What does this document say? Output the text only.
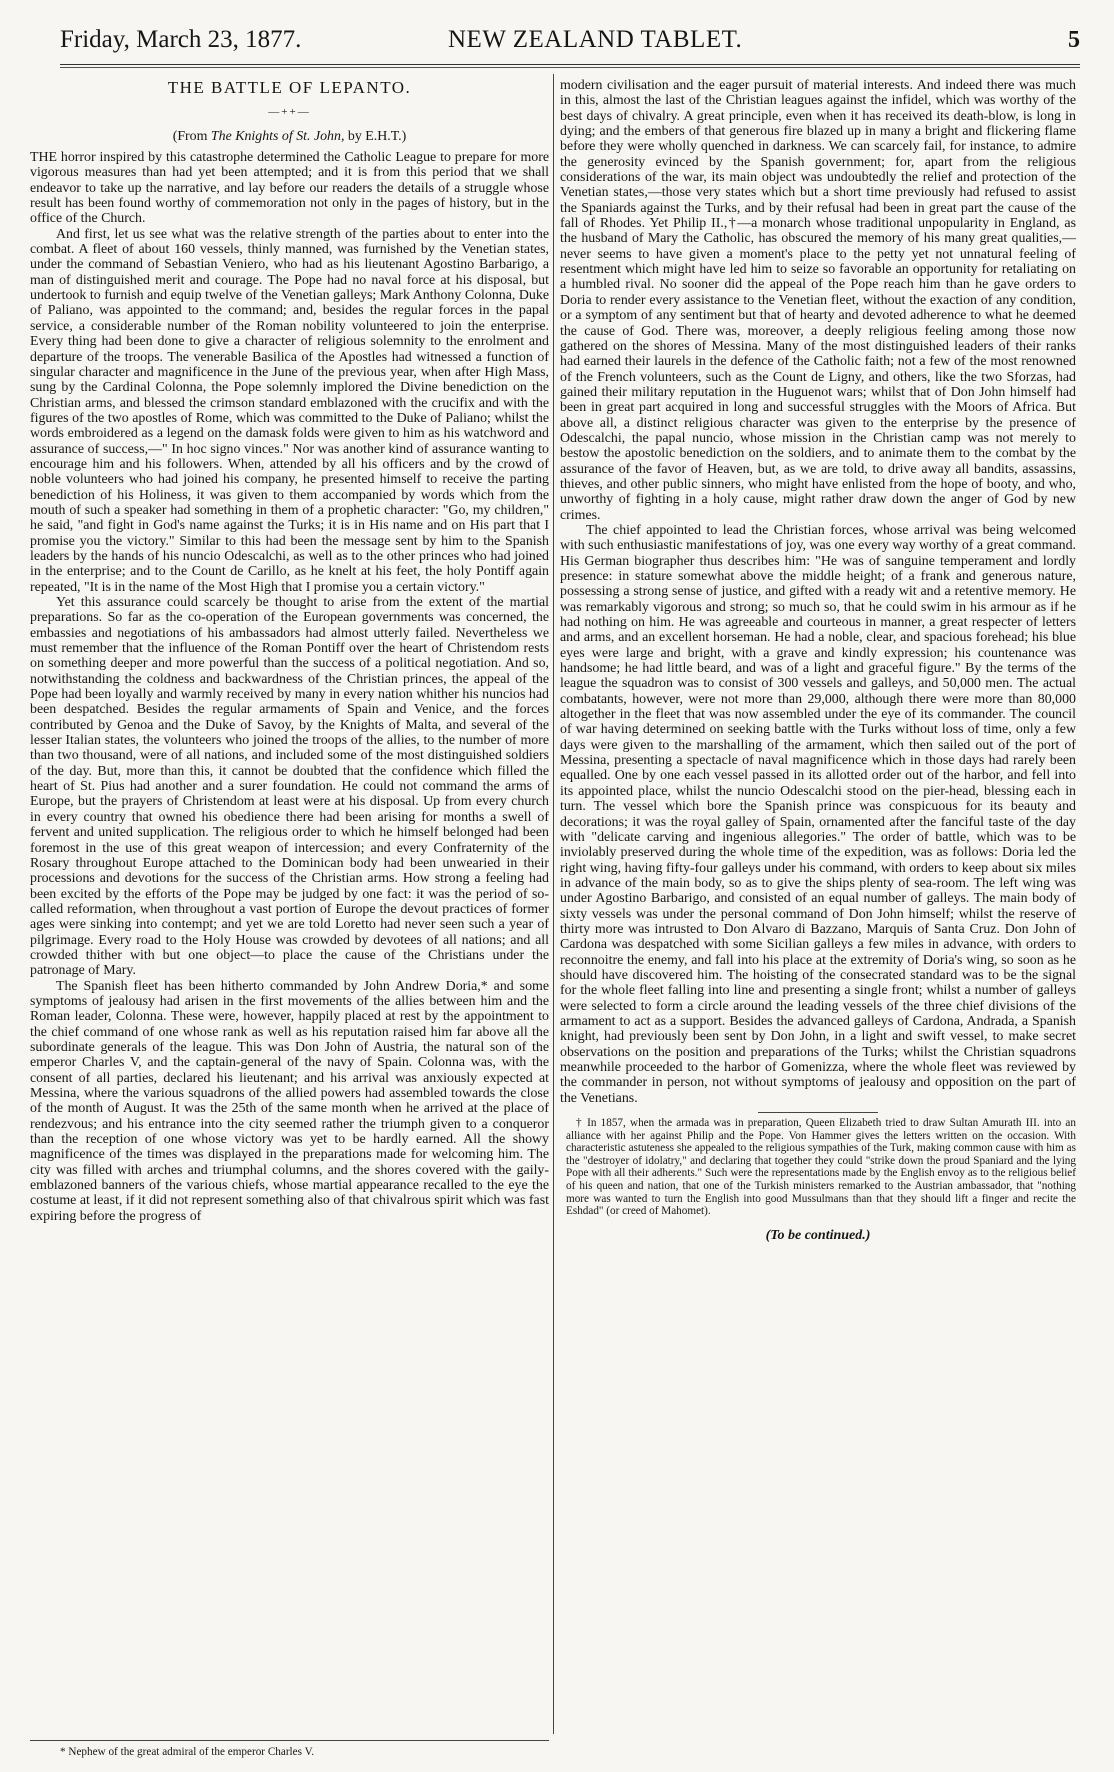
Friday, March 23, 1877.	NEW ZEALAND TABLET.	5
THE BATTLE OF LEPANTO.
—++—
(From The Knights of St. John, by E.H.T.)

THE horror inspired by this catastrophe determined the Catholic League to prepare for more vigorous measures than had yet been attempted; and it is from this period that we shall endeavor to take up the narrative, and lay before our readers the details of a struggle whose result has been found worthy of commemoration not only in the pages of history, but in the office of the Church.

And first, let us see what was the relative strength of the parties about to enter into the combat. A fleet of about 160 vessels, thinly manned, was furnished by the Venetian states, under the command of Sebastian Veniero, who had as his lieutenant Agostino Barbarigo, a man of distinguished merit and courage. The Pope had no naval force at his disposal, but undertook to furnish and equip twelve of the Venetian galleys; Mark Anthony Colonna, Duke of Paliano, was appointed to the command; and, besides the regular forces in the papal service, a considerable number of the Roman nobility volunteered to join the enterprise. Every thing had been done to give a character of religious solemnity to the enrolment and departure of the troops. The venerable Basilica of the Apostles had witnessed a function of singular character and magnificence in the June of the previous year, when after High Mass, sung by the Cardinal Colonna, the Pope solemnly implored the Divine benediction on the Christian arms, and blessed the crimson standard emblazoned with the crucifix and with the figures of the two apostles of Rome, which was committed to the Duke of Paliano; whilst the words embroidered as a legend on the damask folds were given to him as his watchword and assurance of success,—" In hoc signo vinces." Nor was another kind of assurance wanting to encourage him and his followers. When, attended by all his officers and by the crowd of noble volunteers who had joined his company, he presented himself to receive the parting benediction of his Holiness, it was given to them accompanied by words which from the mouth of such a speaker had something in them of a prophetic character: "Go, my children," he said, "and fight in God's name against the Turks; it is in His name and on His part that I promise you the victory." Similar to this had been the message sent by him to the Spanish leaders by the hands of his nuncio Odescalchi, as well as to the other princes who had joined in the enterprise; and to the Count de Carillo, as he knelt at his feet, the holy Pontiff again repeated, "It is in the name of the Most High that I promise you a certain victory."

Yet this assurance could scarcely be thought to arise from the extent of the martial preparations. So far as the co-operation of the European governments was concerned, the embassies and negotiations of his ambassadors had almost utterly failed. Nevertheless we must remember that the influence of the Roman Pontiff over the heart of Christendom rests on something deeper and more powerful than the success of a political negotiation. And so, notwithstanding the coldness and backwardness of the Christian princes, the appeal of the Pope had been loyally and warmly received by many in every nation whither his nuncios had been despatched. Besides the regular armaments of Spain and Venice, and the forces contributed by Genoa and the Duke of Savoy, by the Knights of Malta, and several of the lesser Italian states, the volunteers who joined the troops of the allies, to the number of more than two thousand, were of all nations, and included some of the most distinguished soldiers of the day. But, more than this, it cannot be doubted that the confidence which filled the heart of St. Pius had another and a surer foundation. He could not command the arms of Europe, but the prayers of Christendom at least were at his disposal. Up from every church in every country that owned his obedience there had been arising for months a swell of fervent and united supplication. The religious order to which he himself belonged had been foremost in the use of this great weapon of intercession; and every Confraternity of the Rosary throughout Europe attached to the Dominican body had been unwearied in their processions and devotions for the success of the Christian arms. How strong a feeling had been excited by the efforts of the Pope may be judged by one fact: it was the period of so-called reformation, when throughout a vast portion of Europe the devout practices of former ages were sinking into contempt; and yet we are told Loretto had never seen such a year of pilgrimage. Every road to the Holy House was crowded by devotees of all nations; and all crowded thither with but one object—to place the cause of the Christians under the patronage of Mary.

The Spanish fleet has been hitherto commanded by John Andrew Doria,* and some symptoms of jealousy had arisen in the first movements of the allies between him and the Roman leader, Colonna. These were, however, happily placed at rest by the appointment to the chief command of one whose rank as well as his reputation raised him far above all the subordinate generals of the league. This was Don John of Austria, the natural son of the emperor Charles V, and the captain-general of the navy of Spain. Colonna was, with the consent of all parties, declared his lieutenant; and his arrival was anxiously expected at Messina, where the various squadrons of the allied powers had assembled towards the close of the month of August. It was the 25th of the same month when he arrived at the place of rendezvous; and his entrance into the city seemed rather the triumph given to a conqueror than the reception of one whose victory was yet to be hardly earned. All the showy magnificence of the times was displayed in the preparations made for welcoming him. The city was filled with arches and triumphal columns, and the shores covered with the gaily-emblazoned banners of the various chiefs, whose martial appearance recalled to the eye the costume at least, if it did not represent something also of that chivalrous spirit which was fast expiring before the progress of

modern civilisation and the eager pursuit of material interests. And indeed there was much in this, almost the last of the Christian leagues against the infidel, which was worthy of the best days of chivalry. A great principle, even when it has received its death-blow, is long in dying; and the embers of that generous fire blazed up in many a bright and flickering flame before they were wholly quenched in darkness. We can scarcely fail, for instance, to admire the generosity evinced by the Spanish government; for, apart from the religious considerations of the war, its main object was undoubtedly the relief and protection of the Venetian states,—those very states which but a short time previously had refused to assist the Spaniards against the Turks, and by their refusal had been in great part the cause of the fall of Rhodes. Yet Philip II.,†—a monarch whose traditional unpopularity in England, as the husband of Mary the Catholic, has obscured the memory of his many great qualities,—never seems to have given a moment's place to the petty yet not unnatural feeling of resentment which might have led him to seize so favorable an opportunity for retaliating on a humbled rival. No sooner did the appeal of the Pope reach him than he gave orders to Doria to render every assistance to the Venetian fleet, without the exaction of any condition, or a symptom of any sentiment but that of hearty and devoted adherence to what he deemed the cause of God. There was, moreover, a deeply religious feeling among those now gathered on the shores of Messina. Many of the most distinguished leaders of their ranks had earned their laurels in the defence of the Catholic faith; not a few of the most renowned of the French volunteers, such as the Count de Ligny, and others, like the two Sforzas, had gained their military reputation in the Huguenot wars; whilst that of Don John himself had been in great part acquired in long and successful struggles with the Moors of Africa. But above all, a distinct religious character was given to the enterprise by the presence of Odescalchi, the papal nuncio, whose mission in the Christian camp was not merely to bestow the apostolic benediction on the soldiers, and to animate them to the combat by the assurance of the favor of Heaven, but, as we are told, to drive away all bandits, assassins, thieves, and other public sinners, who might have enlisted from the hope of booty, and who, unworthy of fighting in a holy cause, might rather draw down the anger of God by new crimes.

The chief appointed to lead the Christian forces, whose arrival was being welcomed with such enthusiastic manifestations of joy, was one every way worthy of a great command. His German biographer thus describes him: "He was of sanguine temperament and lordly presence: in stature somewhat above the middle height; of a frank and generous nature, possessing a strong sense of justice, and gifted with a ready wit and a retentive memory. He was remarkably vigorous and strong; so much so, that he could swim in his armour as if he had nothing on him. He was agreeable and courteous in manner, a great respecter of letters and arms, and an excellent horseman. He had a noble, clear, and spacious forehead; his blue eyes were large and bright, with a grave and kindly expression; his countenance was handsome; he had little beard, and was of a light and graceful figure." By the terms of the league the squadron was to consist of 300 vessels and galleys, and 50,000 men. The actual combatants, however, were not more than 29,000, although there were more than 80,000 altogether in the fleet that was now assembled under the eye of its commander. The council of war having determined on seeking battle with the Turks without loss of time, only a few days were given to the marshalling of the armament, which then sailed out of the port of Messina, presenting a spectacle of naval magnificence which in those days had rarely been equalled. One by one each vessel passed in its allotted order out of the harbor, and fell into its appointed place, whilst the nuncio Odescalchi stood on the pier-head, blessing each in turn. The vessel which bore the Spanish prince was conspicuous for its beauty and decorations; it was the royal galley of Spain, ornamented after the fanciful taste of the day with "delicate carving and ingenious allegories." The order of battle, which was to be inviolably preserved during the whole time of the expedition, was as follows: Doria led the right wing, having fifty-four galleys under his command, with orders to keep about six miles in advance of the main body, so as to give the ships plenty of sea-room. The left wing was under Agostino Barbarigo, and consisted of an equal number of galleys. The main body of sixty vessels was under the personal command of Don John himself; whilst the reserve of thirty more was intrusted to Don Alvaro di Bazzano, Marquis of Santa Cruz. Don John of Cardona was despatched with some Sicilian galleys a few miles in advance, with orders to reconnoitre the enemy, and fall into his place at the extremity of Doria's wing, so soon as he should have discovered him. The hoisting of the consecrated standard was to be the signal for the whole fleet falling into line and presenting a single front; whilst a number of galleys were selected to form a circle around the leading vessels of the three chief divisions of the armament to act as a support. Besides the advanced galleys of Cardona, Andrada, a Spanish knight, had previously been sent by Don John, in a light and swift vessel, to make secret observations on the position and preparations of the Turks; whilst the Christian squadrons meanwhile proceeded to the harbor of Gomenizza, where the whole fleet was reviewed by the commander in person, not without symptoms of jealousy and opposition on the part of the Venetians.

† In 1857, when the armada was in preparation, Queen Elizabeth tried to draw Sultan Amurath III. into an alliance with her against Philip and the Pope. Von Hammer gives the letters written on the occasion. With characteristic astuteness she appealed to the religious sympathies of the Turk, making common cause with him as the "destroyer of idolatry," and declaring that together they could "strike down the proud Spaniard and the lying Pope with all their adherents." Such were the representations made by the English envoy as to the religious belief of his queen and nation, that one of the Turkish ministers remarked to the Austrian ambassador, that "nothing more was wanted to turn the English into good Mussulmans than that they should lift a finger and recite the Eshdad" (or creed of Mahomet).

(To be continued.)
* Nephew of the great admiral of the emperor Charles V.
